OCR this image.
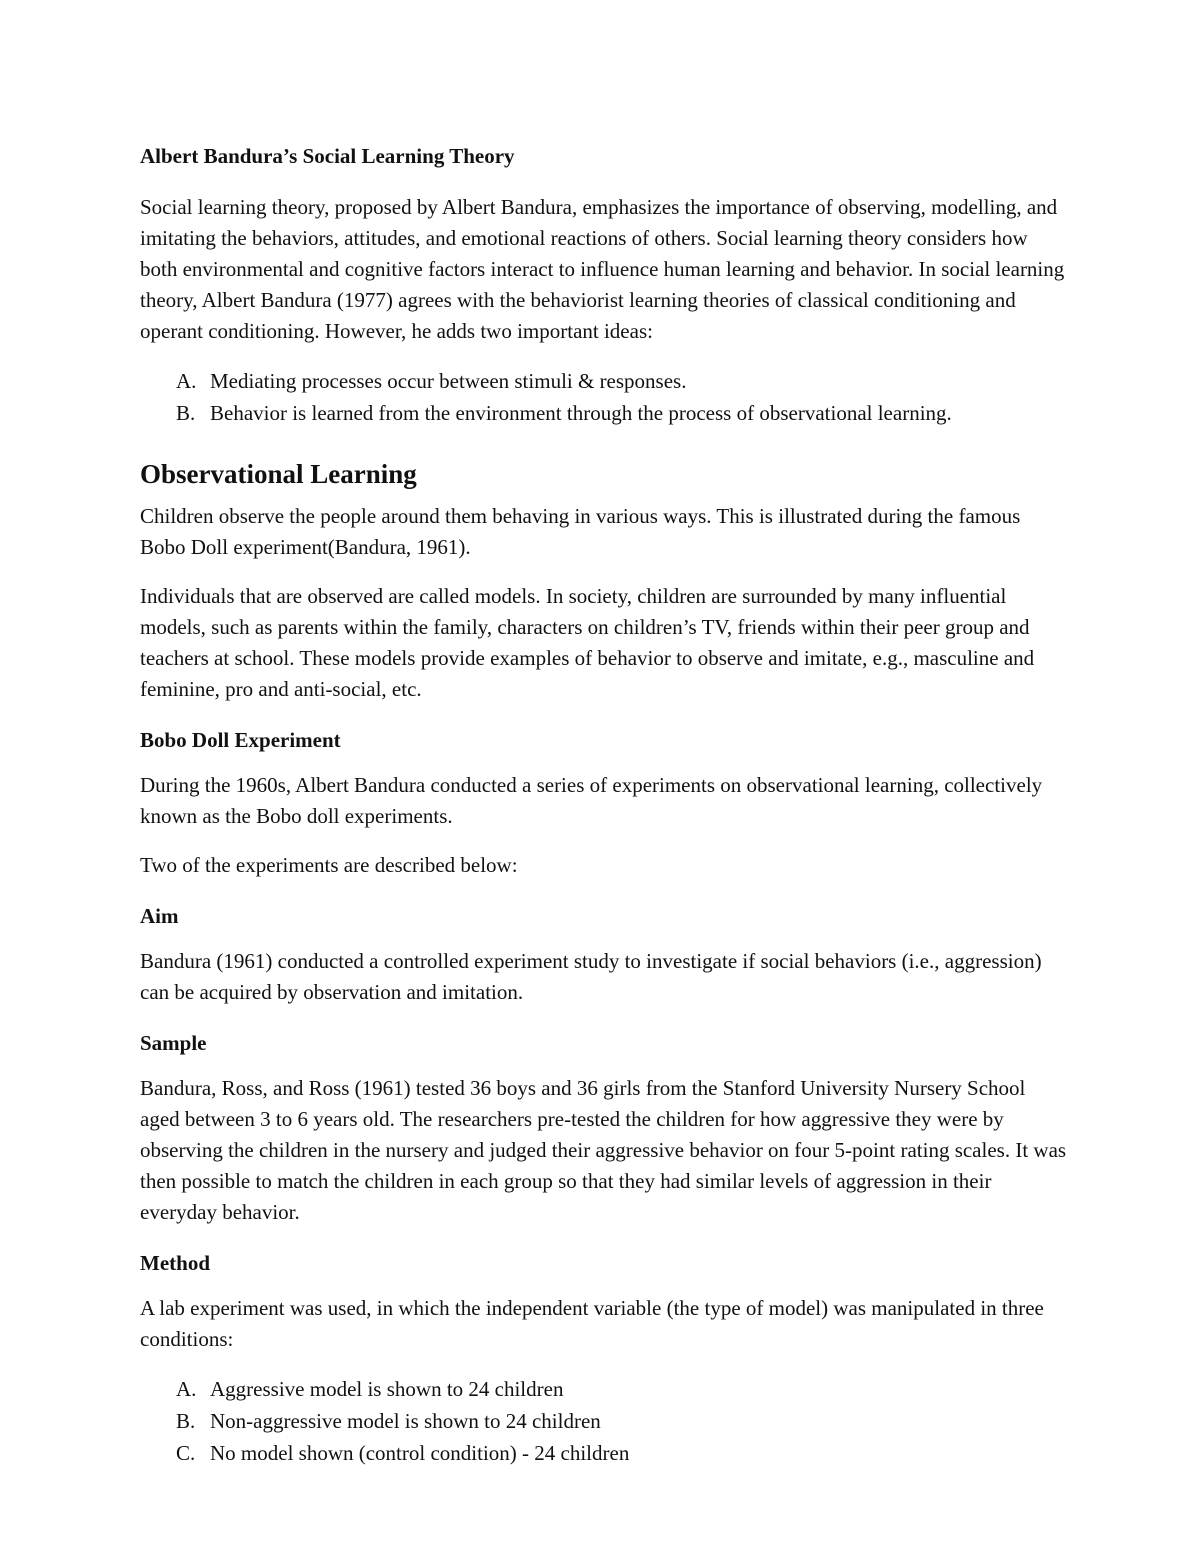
Albert Bandura’s Social Learning Theory

Social learning theory, proposed by Albert Bandura, emphasizes the importance of observing, modelling, and imitating the behaviors, attitudes, and emotional reactions of others. Social learning theory considers how both environmental and cognitive factors interact to influence human learning and behavior. In social learning theory, Albert Bandura (1977) agrees with the behaviorist learning theories of classical conditioning and operant conditioning. However, he adds two important ideas:

A. Mediating processes occur between stimuli & responses.
B. Behavior is learned from the environment through the process of observational learning.

Observational Learning

Children observe the people around them behaving in various ways. This is illustrated during the famous Bobo Doll experiment(Bandura, 1961).

Individuals that are observed are called models. In society, children are surrounded by many influential models, such as parents within the family, characters on children’s TV, friends within their peer group and teachers at school. These models provide examples of behavior to observe and imitate, e.g., masculine and feminine, pro and anti-social, etc.

Bobo Doll Experiment

During the 1960s, Albert Bandura conducted a series of experiments on observational learning, collectively known as the Bobo doll experiments.

Two of the experiments are described below:

Aim

Bandura (1961) conducted a controlled experiment study to investigate if social behaviors (i.e., aggression) can be acquired by observation and imitation.

Sample

Bandura, Ross, and Ross (1961) tested 36 boys and 36 girls from the Stanford University Nursery School aged between 3 to 6 years old. The researchers pre-tested the children for how aggressive they were by observing the children in the nursery and judged their aggressive behavior on four 5-point rating scales. It was then possible to match the children in each group so that they had similar levels of aggression in their everyday behavior.

Method

A lab experiment was used, in which the independent variable (the type of model) was manipulated in three conditions:

A. Aggressive model is shown to 24 children
B. Non-aggressive model is shown to 24 children
C. No model shown (control condition) - 24 children
